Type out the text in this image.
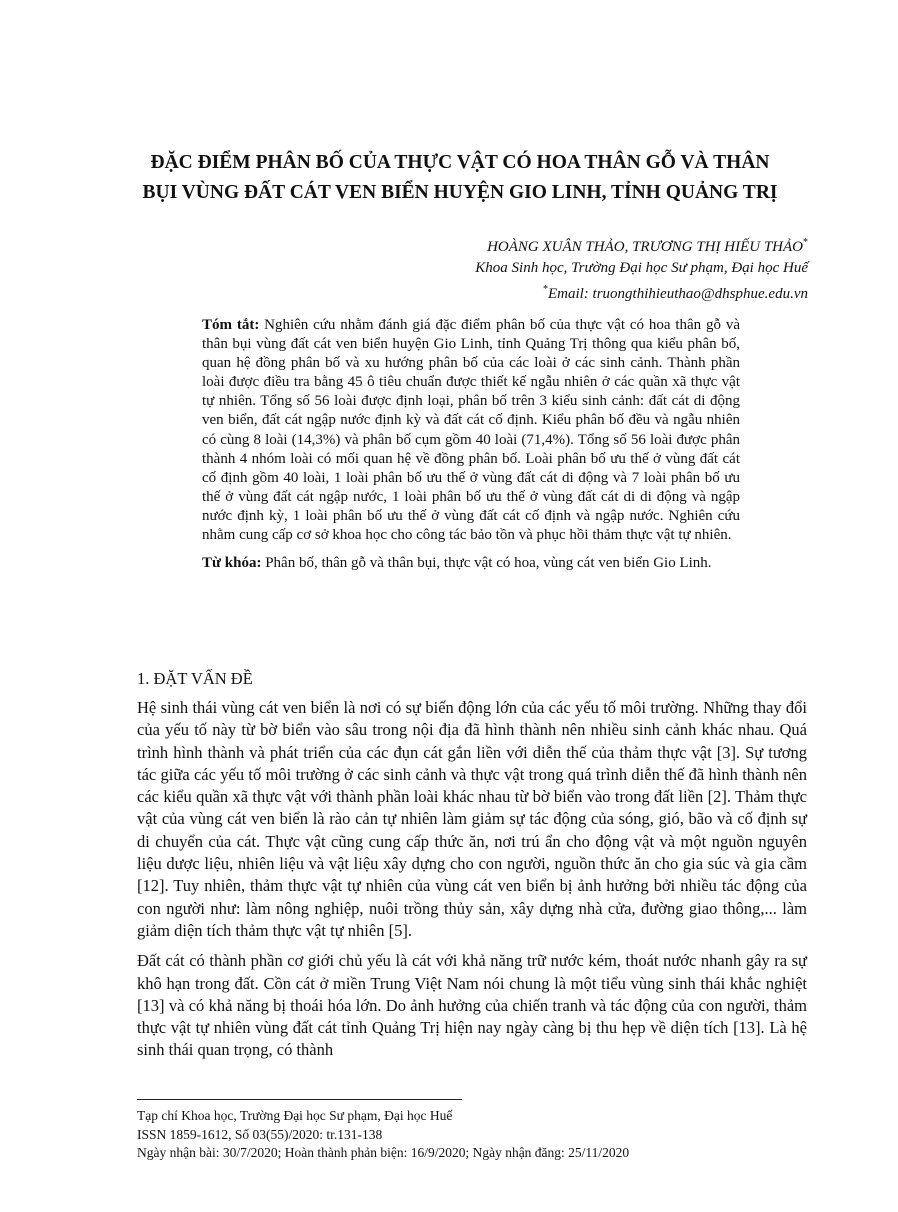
ĐẶC ĐIỂM PHÂN BỐ CỦA THỰC VẬT CÓ HOA THÂN GỖ VÀ THÂN
BỤI VÙNG ĐẤT CÁT VEN BIỂN HUYỆN GIO LINH, TỈNH QUẢNG TRỊ
HOÀNG XUÂN THẢO, TRƯƠNG THỊ HIẾU THẢO*
Khoa Sinh học, Trường Đại học Sư phạm, Đại học Huế
*Email: truongthihieuthao@dhsphue.edu.vn

Tóm tắt: Nghiên cứu nhằm đánh giá đặc điểm phân bố của thực vật có hoa thân gỗ và thân bụi vùng đất cát ven biển huyện Gio Linh, tỉnh Quảng Trị thông qua kiểu phân bố, quan hệ đồng phân bố và xu hướng phân bố của các loài ở các sinh cảnh. Thành phần loài được điều tra bằng 45 ô tiêu chuẩn được thiết kế ngẫu nhiên ở các quần xã thực vật tự nhiên. Tổng số 56 loài được định loại, phân bố trên 3 kiểu sinh cảnh: đất cát di động ven biển, đất cát ngập nước định kỳ và đất cát cố định. Kiểu phân bố đều và ngẫu nhiên có cùng 8 loài (14,3%) và phân bố cụm gồm 40 loài (71,4%). Tổng số 56 loài được phân thành 4 nhóm loài có mối quan hệ về đồng phân bố. Loài phân bố ưu thế ở vùng đất cát cố định gồm 40 loài, 1 loài phân bố ưu thế ở vùng đất cát di động và 7 loài phân bố ưu thế ở vùng đất cát ngập nước, 1 loài phân bố ưu thế ở vùng đất cát di di động và ngập nước định kỳ, 1 loài phân bố ưu thế ở vùng đất cát cố định và ngập nước. Nghiên cứu nhằm cung cấp cơ sở khoa học cho công tác bảo tồn và phục hồi thảm thực vật tự nhiên.

Từ khóa: Phân bố, thân gỗ và thân bụi, thực vật có hoa, vùng cát ven biển Gio Linh.

1. ĐẶT VẤN ĐỀ

Hệ sinh thái vùng cát ven biển là nơi có sự biến động lớn của các yếu tố môi trường. Những thay đổi của yếu tố này từ bờ biển vào sâu trong nội địa đã hình thành nên nhiều sinh cảnh khác nhau. Quá trình hình thành và phát triển của các đụn cát gắn liền với diễn thế của thảm thực vật [3]. Sự tương tác giữa các yếu tố môi trường ở các sinh cảnh và thực vật trong quá trình diễn thế đã hình thành nên các kiểu quần xã thực vật với thành phần loài khác nhau từ bờ biển vào trong đất liền [2]. Thảm thực vật của vùng cát ven biển là rào cản tự nhiên làm giảm sự tác động của sóng, gió, bão và cố định sự di chuyển của cát. Thực vật cũng cung cấp thức ăn, nơi trú ẩn cho động vật và một nguồn nguyên liệu dược liệu, nhiên liệu và vật liệu xây dựng cho con người, nguồn thức ăn cho gia súc và gia cầm [12]. Tuy nhiên, thảm thực vật tự nhiên của vùng cát ven biển bị ảnh hưởng bởi nhiều tác động của con người như: làm nông nghiệp, nuôi trồng thủy sản, xây dựng nhà cửa, đường giao thông,... làm giảm diện tích thảm thực vật tự nhiên [5].

Đất cát có thành phần cơ giới chủ yếu là cát với khả năng trữ nước kém, thoát nước nhanh gây ra sự khô hạn trong đất. Cồn cát ở miền Trung Việt Nam nói chung là một tiểu vùng sinh thái khắc nghiệt [13] và có khả năng bị thoái hóa lớn. Do ảnh hưởng của chiến tranh và tác động của con người, thảm thực vật tự nhiên vùng đất cát tỉnh Quảng Trị hiện nay ngày càng bị thu hẹp về diện tích [13]. Là hệ sinh thái quan trọng, có thành

Tạp chí Khoa học, Trường Đại học Sư phạm, Đại học Huế
ISSN 1859-1612, Số 03(55)/2020: tr.131-138
Ngày nhận bài: 30/7/2020; Hoàn thành phản biện: 16/9/2020; Ngày nhận đăng: 25/11/2020
